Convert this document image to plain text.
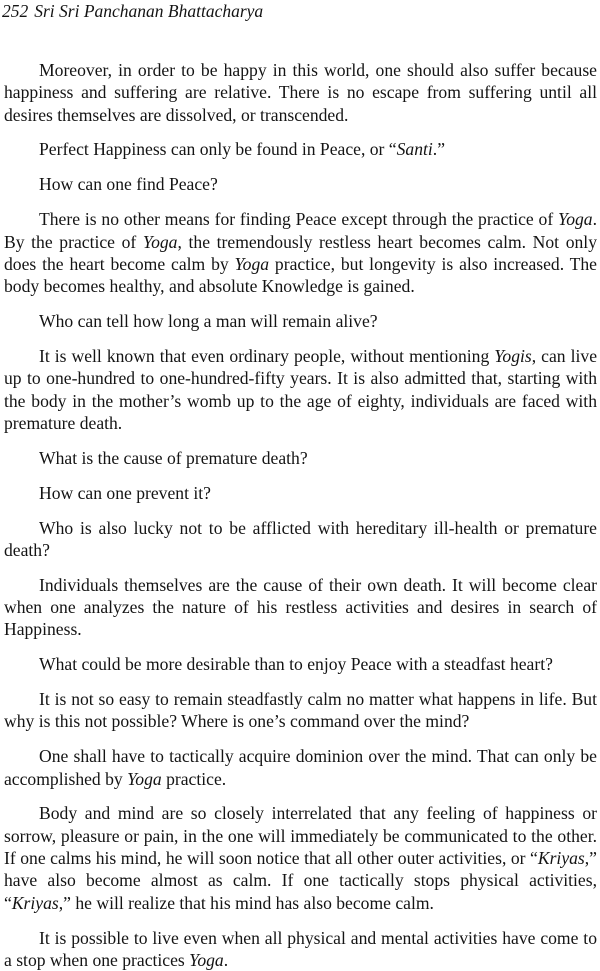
252 Sri Sri Panchanan Bhattacharya

Moreover, in order to be happy in this world, one should also suffer because happiness and suffering are relative. There is no escape from suffering until all desires themselves are dissolved, or transcended.

Perfect Happiness can only be found in Peace, or “Santi.”

How can one find Peace?

There is no other means for finding Peace except through the practice of Yoga. By the practice of Yoga, the tremendously restless heart becomes calm. Not only does the heart become calm by Yoga practice, but longevity is also increased. The body becomes healthy, and absolute Knowledge is gained.

Who can tell how long a man will remain alive?

It is well known that even ordinary people, without mentioning Yogis, can live up to one-hundred to one-hundred-fifty years. It is also admitted that, starting with the body in the mother’s womb up to the age of eighty, individuals are faced with premature death.

What is the cause of premature death?

How can one prevent it?

Who is also lucky not to be afflicted with hereditary ill-health or premature death?

Individuals themselves are the cause of their own death. It will become clear when one analyzes the nature of his restless activities and desires in search of Happiness.

What could be more desirable than to enjoy Peace with a steadfast heart?

It is not so easy to remain steadfastly calm no matter what happens in life. But why is this not possible? Where is one’s command over the mind?

One shall have to tactically acquire dominion over the mind. That can only be accomplished by Yoga practice.

Body and mind are so closely interrelated that any feeling of happiness or sorrow, pleasure or pain, in the one will immediately be communicated to the other. If one calms his mind, he will soon notice that all other outer activities, or “Kriyas,” have also become almost as calm. If one tactically stops physical activities, “Kriyas,” he will realize that his mind has also become calm.

It is possible to live even when all physical and mental activities have come to a stop when one practices Yoga.
